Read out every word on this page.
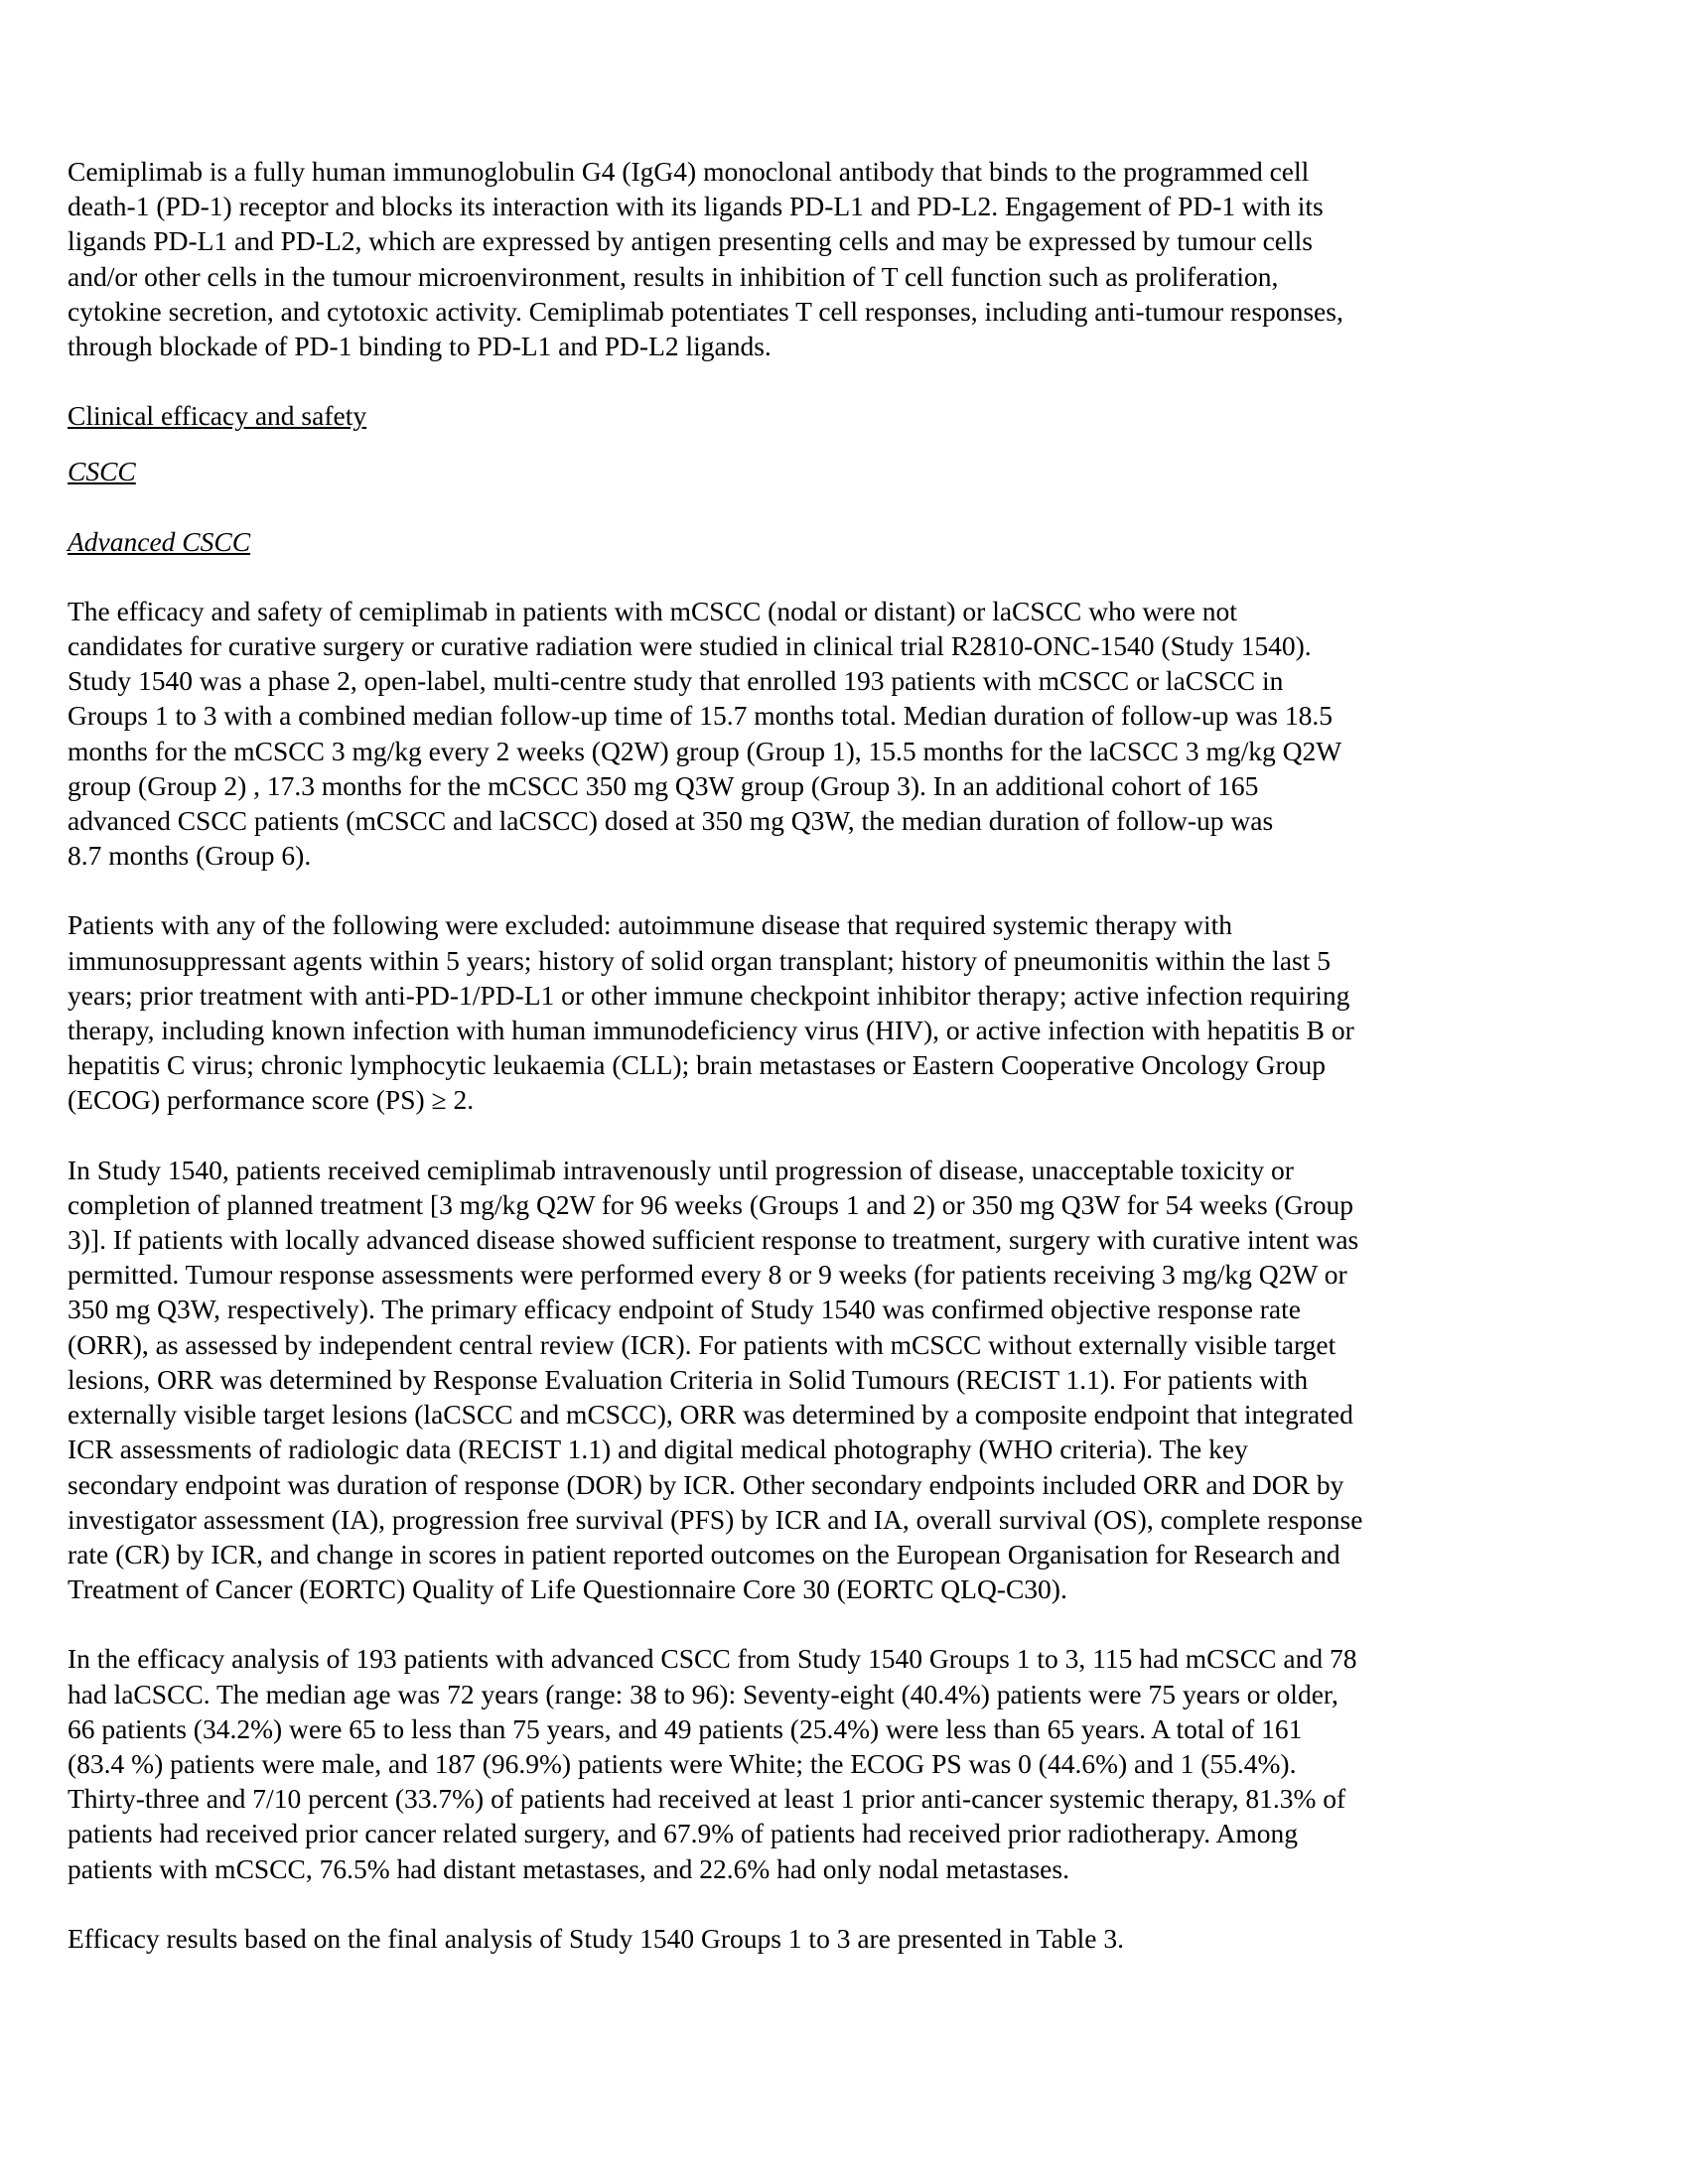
Cemiplimab is a fully human immunoglobulin G4 (IgG4) monoclonal antibody that binds to the programmed cell
death-1 (PD-1) receptor and blocks its interaction with its ligands PD-L1 and PD-L2. Engagement of PD-1 with its
ligands PD-L1 and PD-L2, which are expressed by antigen presenting cells and may be expressed by tumour cells
and/or other cells in the tumour microenvironment, results in inhibition of T cell function such as proliferation,
cytokine secretion, and cytotoxic activity. Cemiplimab potentiates T cell responses, including anti-tumour responses,
through blockade of PD-1 binding to PD-L1 and PD-L2 ligands.
Clinical efficacy and safety
CSCC
Advanced CSCC
The efficacy and safety of cemiplimab in patients with mCSCC (nodal or distant) or laCSCC who were not
candidates for curative surgery or curative radiation were studied in clinical trial R2810-ONC-1540 (Study 1540).
Study 1540 was a phase 2, open-label, multi-centre study that enrolled 193 patients with mCSCC or laCSCC in
Groups 1 to 3 with a combined median follow-up time of 15.7 months total. Median duration of follow-up was 18.5
months for the mCSCC 3 mg/kg every 2 weeks (Q2W) group (Group 1), 15.5 months for the laCSCC 3 mg/kg Q2W
group (Group 2) , 17.3 months for the mCSCC 350 mg Q3W group (Group 3). In an additional cohort of 165
advanced CSCC patients (mCSCC and laCSCC) dosed at 350 mg Q3W, the median duration of follow-up was
8.7 months (Group 6).
Patients with any of the following were excluded: autoimmune disease that required systemic therapy with
immunosuppressant agents within 5 years; history of solid organ transplant; history of pneumonitis within the last 5
years; prior treatment with anti-PD-1/PD-L1 or other immune checkpoint inhibitor therapy; active infection requiring
therapy, including known infection with human immunodeficiency virus (HIV), or active infection with hepatitis B or
hepatitis C virus; chronic lymphocytic leukaemia (CLL); brain metastases or Eastern Cooperative Oncology Group
(ECOG) performance score (PS) ≥ 2.
In Study 1540, patients received cemiplimab intravenously until progression of disease, unacceptable toxicity or
completion of planned treatment [3 mg/kg Q2W for 96 weeks (Groups 1 and 2) or 350 mg Q3W for 54 weeks (Group
3)]. If patients with locally advanced disease showed sufficient response to treatment, surgery with curative intent was
permitted. Tumour response assessments were performed every 8 or 9 weeks (for patients receiving 3 mg/kg Q2W or
350 mg Q3W, respectively). The primary efficacy endpoint of Study 1540 was confirmed objective response rate
(ORR), as assessed by independent central review (ICR). For patients with mCSCC without externally visible target
lesions, ORR was determined by Response Evaluation Criteria in Solid Tumours (RECIST 1.1). For patients with
externally visible target lesions (laCSCC and mCSCC), ORR was determined by a composite endpoint that integrated
ICR assessments of radiologic data (RECIST 1.1) and digital medical photography (WHO criteria). The key
secondary endpoint was duration of response (DOR) by ICR. Other secondary endpoints included ORR and DOR by
investigator assessment (IA), progression free survival (PFS) by ICR and IA, overall survival (OS), complete response
rate (CR) by ICR, and change in scores in patient reported outcomes on the European Organisation for Research and
Treatment of Cancer (EORTC) Quality of Life Questionnaire Core 30 (EORTC QLQ-C30).
In the efficacy analysis of 193 patients with advanced CSCC from Study 1540 Groups 1 to 3, 115 had mCSCC and 78
had laCSCC. The median age was 72 years (range: 38 to 96): Seventy-eight (40.4%) patients were 75 years or older,
66 patients (34.2%) were 65 to less than 75 years, and 49 patients (25.4%) were less than 65 years. A total of 161
(83.4 %) patients were male, and 187 (96.9%) patients were White; the ECOG PS was 0 (44.6%) and 1 (55.4%).
Thirty-three and 7/10 percent (33.7%) of patients had received at least 1 prior anti-cancer systemic therapy, 81.3% of
patients had received prior cancer related surgery, and 67.9% of patients had received prior radiotherapy. Among
patients with mCSCC, 76.5% had distant metastases, and 22.6% had only nodal metastases.
Efficacy results based on the final analysis of Study 1540 Groups 1 to 3 are presented in Table 3.
